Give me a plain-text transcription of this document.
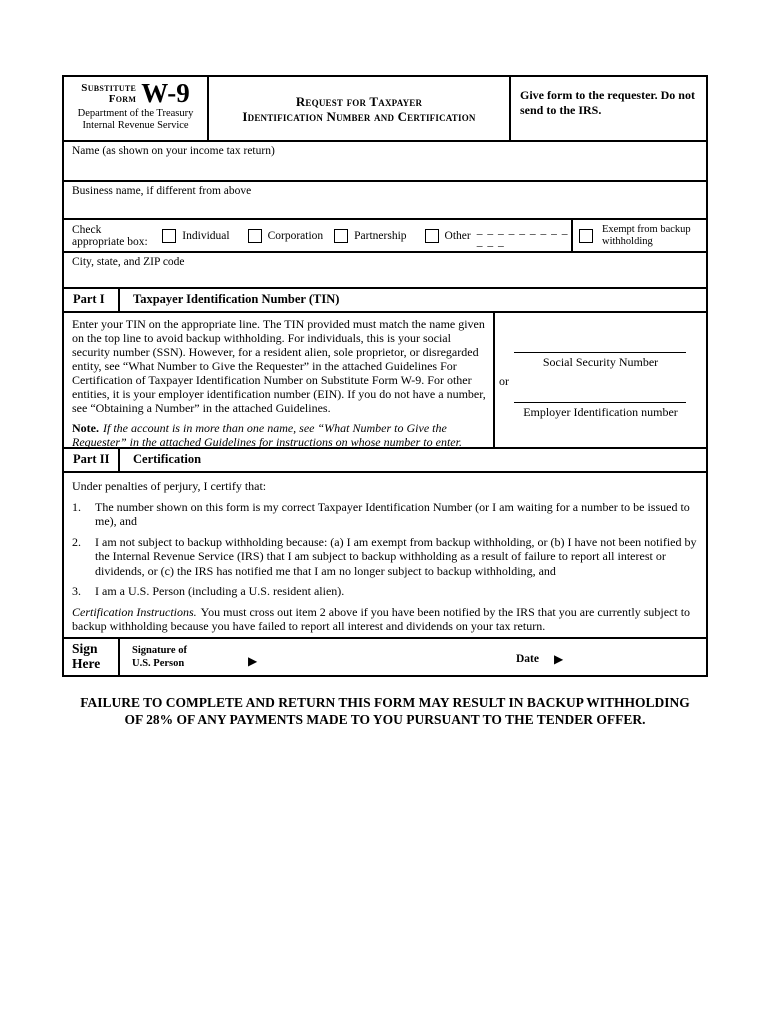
Substitute
Form W-9
Department of the Treasury
Internal Revenue Service
Request for Taxpayer
Identification Number and Certification
Give form to the requester. Do not send to the IRS.
Name (as shown on your income tax return)
Business name, if different from above
Check appropriate box:	Individual	Corporation	Partnership	Other _ _ _ _ _ _ _ _ _ _ _ _
Exempt from backup withholding
City, state, and ZIP code
Part I	Taxpayer Identification Number (TIN)
Enter your TIN on the appropriate line. The TIN provided must match the name given on the top line to avoid backup withholding. For individuals, this is your social security number (SSN). However, for a resident alien, sole proprietor, or disregarded entity, see “What Number to Give the Requester” in the attached Guidelines For Certification of Taxpayer Identification Number on Substitute Form W-9. For other entities, it is your employer identification number (EIN). If you do not have a number, see “Obtaining a Number” in the attached Guidelines.
Note. If the account is in more than one name, see “What Number to Give the Requester” in the attached Guidelines for instructions on whose number to enter.
Social Security Number
or
Employer Identification number
Part II	Certification
Under penalties of perjury, I certify that:
1.	The number shown on this form is my correct Taxpayer Identification Number (or I am waiting for a number to be issued to me), and
2.	I am not subject to backup withholding because: (a) I am exempt from backup withholding, or (b) I have not been notified by the Internal Revenue Service (IRS) that I am subject to backup withholding as a result of failure to report all interest or dividends, or (c) the IRS has notified me that I am no longer subject to backup withholding, and
3.	I am a U.S. Person (including a U.S. resident alien).
Certification Instructions. You must cross out item 2 above if you have been notified by the IRS that you are currently subject to backup withholding because you have failed to report all interest and dividends on your tax return.
Sign
Here
Signature of
U.S. Person	▶	Date ▶
FAILURE TO COMPLETE AND RETURN THIS FORM MAY RESULT IN BACKUP WITHHOLDING
OF 28% OF ANY PAYMENTS MADE TO YOU PURSUANT TO THE TENDER OFFER.
